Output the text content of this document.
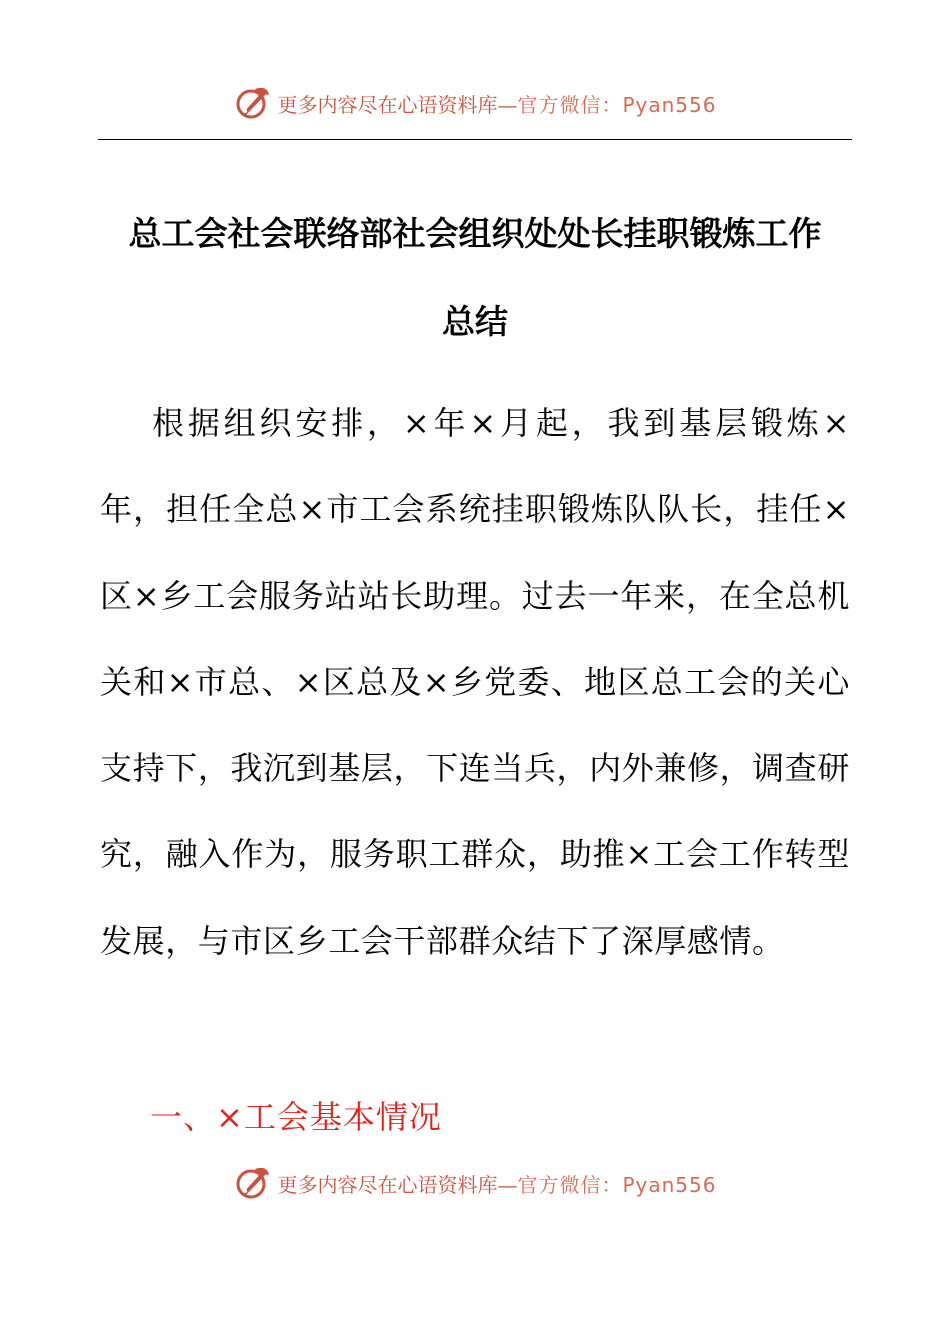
更多内容尽在心语资料库—官方微信：Pyan556
总工会社会联络部社会组织处处长挂职锻炼工作
总结
根据组织安排，×年×月起，我到基层锻炼×年，担任全总×市工会系统挂职锻炼队队长，挂任×区×乡工会服务站站长助理。过去一年来，在全总机关和×市总、×区总及×乡党委、地区总工会的关心支持下，我沉到基层，下连当兵，内外兼修，调查研究，融入作为，服务职工群众，助推×工会工作转型发展，与市区乡工会干部群众结下了深厚感情。
一、×工会基本情况
更多内容尽在心语资料库—官方微信：Pyan556
